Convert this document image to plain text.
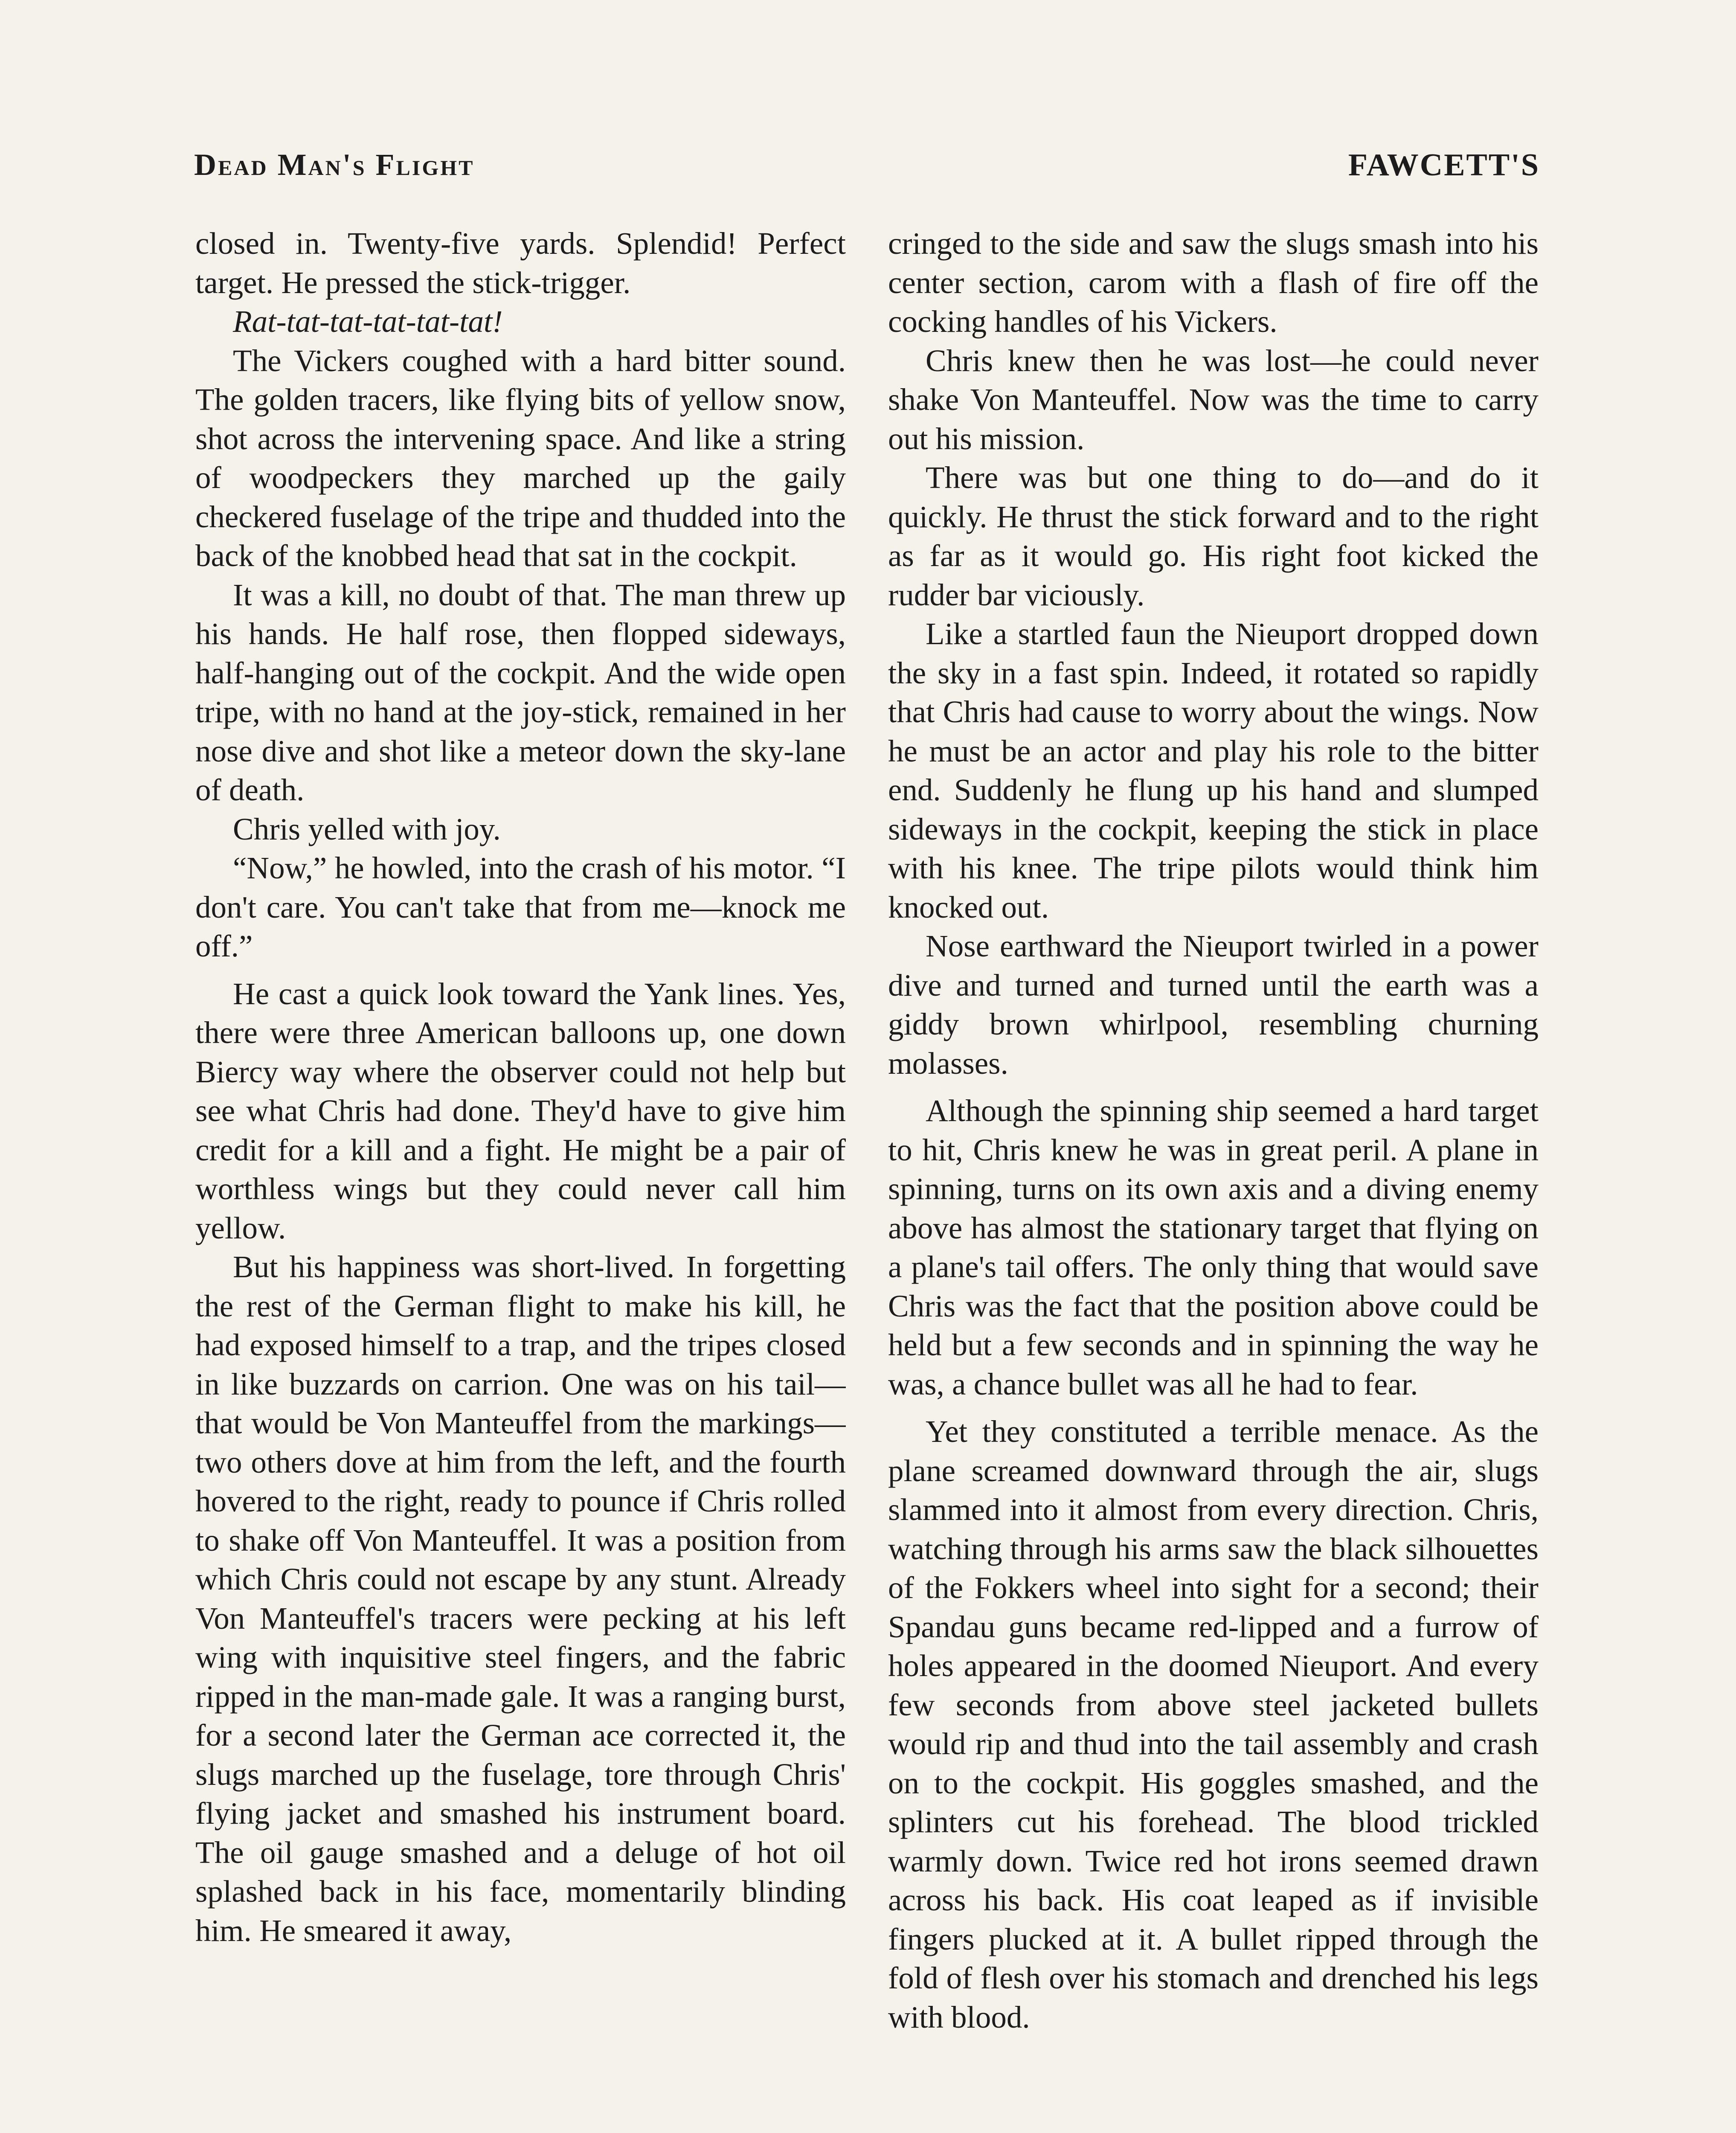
Dead Man's Flight	FAWCETT'S

closed in. Twenty-five yards. Splendid! Perfect target. He pressed the stick-trigger.

Rat-tat-tat-tat-tat-tat!

The Vickers coughed with a hard bitter sound. The golden tracers, like flying bits of yellow snow, shot across the intervening space. And like a string of woodpeckers they marched up the gaily checkered fuselage of the tripe and thudded into the back of the knobbed head that sat in the cockpit.

It was a kill, no doubt of that. The man threw up his hands. He half rose, then flopped sideways, half-hanging out of the cockpit. And the wide open tripe, with no hand at the joy-stick, remained in her nose dive and shot like a meteor down the sky-lane of death.

Chris yelled with joy.

“Now,” he howled, into the crash of his motor. “I don't care. You can't take that from me—knock me off.”

He cast a quick look toward the Yank lines. Yes, there were three American balloons up, one down Biercy way where the observer could not help but see what Chris had done. They'd have to give him credit for a kill and a fight. He might be a pair of worthless wings but they could never call him yellow.

But his happiness was short-lived. In forgetting the rest of the German flight to make his kill, he had exposed himself to a trap, and the tripes closed in like buzzards on carrion. One was on his tail—that would be Von Manteuffel from the markings—two others dove at him from the left, and the fourth hovered to the right, ready to pounce if Chris rolled to shake off Von Manteuffel. It was a position from which Chris could not escape by any stunt. Already Von Manteuffel's tracers were pecking at his left wing with inquisitive steel fingers, and the fabric ripped in the man-made gale. It was a ranging burst, for a second later the German ace corrected it, the slugs marched up the fuselage, tore through Chris' flying jacket and smashed his instrument board. The oil gauge smashed and a deluge of hot oil splashed back in his face, momentarily blinding him. He smeared it away,

cringed to the side and saw the slugs smash into his center section, carom with a flash of fire off the cocking handles of his Vickers.

Chris knew then he was lost—he could never shake Von Manteuffel. Now was the time to carry out his mission.

There was but one thing to do—and do it quickly. He thrust the stick forward and to the right as far as it would go. His right foot kicked the rudder bar viciously.

Like a startled faun the Nieuport dropped down the sky in a fast spin. Indeed, it rotated so rapidly that Chris had cause to worry about the wings. Now he must be an actor and play his role to the bitter end. Suddenly he flung up his hand and slumped sideways in the cockpit, keeping the stick in place with his knee. The tripe pilots would think him knocked out.

Nose earthward the Nieuport twirled in a power dive and turned and turned until the earth was a giddy brown whirlpool, resembling churning molasses.

Although the spinning ship seemed a hard target to hit, Chris knew he was in great peril. A plane in spinning, turns on its own axis and a diving enemy above has almost the stationary target that flying on a plane's tail offers. The only thing that would save Chris was the fact that the position above could be held but a few seconds and in spinning the way he was, a chance bullet was all he had to fear.

Yet they constituted a terrible menace. As the plane screamed downward through the air, slugs slammed into it almost from every direction. Chris, watching through his arms saw the black silhouettes of the Fokkers wheel into sight for a second; their Spandau guns became red-lipped and a furrow of holes appeared in the doomed Nieuport. And every few seconds from above steel jacketed bullets would rip and thud into the tail assembly and crash on to the cockpit. His goggles smashed, and the splinters cut his forehead. The blood trickled warmly down. Twice red hot irons seemed drawn across his back. His coat leaped as if invisible fingers plucked at it. A bullet ripped through the fold of flesh over his stomach and drenched his legs with blood.
